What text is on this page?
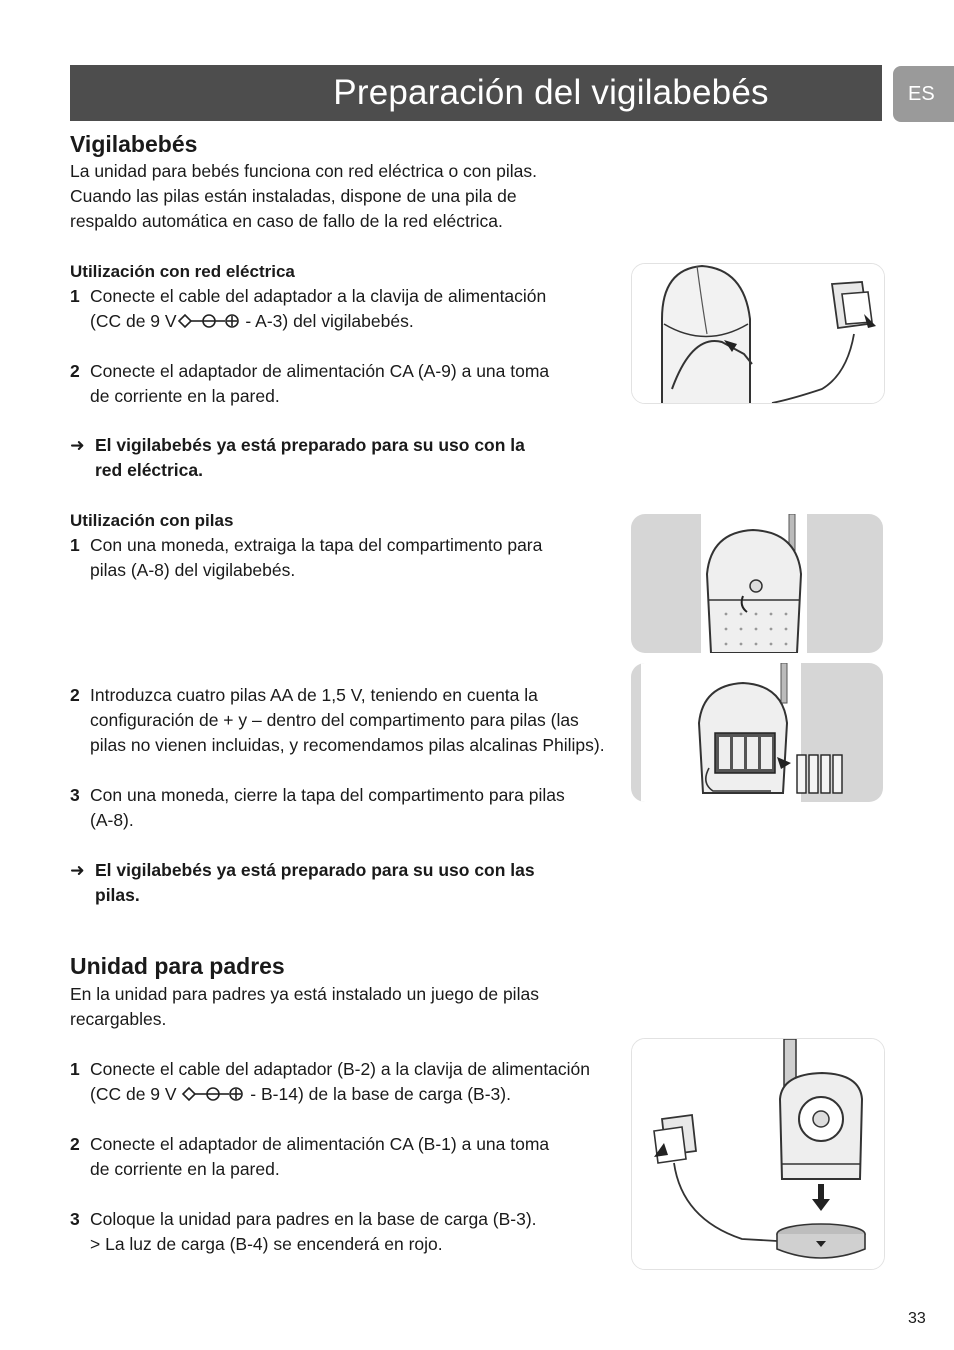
Preparación del vigilabebés	ES
Vigilabebés
La unidad para bebés funciona con red eléctrica o con pilas.
Cuando las pilas están instaladas, dispone de una pila de
respaldo automática en caso de fallo de la red eléctrica.
Utilización con red eléctrica
1 Conecte el cable del adaptador a la clavija de alimentación
(CC de 9 V	- A-3) del vigilabebés.
2 Conecte el adaptador de alimentación CA (A-9) a una toma
de corriente en la pared.
➜ El vigilabebés ya está preparado para su uso con la
red eléctrica.
Utilización con pilas
1 Con una moneda, extraiga la tapa del compartimento para
pilas (A-8) del vigilabebés.
2 Introduzca cuatro pilas AA de 1,5 V, teniendo en cuenta la
configuración de + y – dentro del compartimento para pilas (las
pilas no vienen incluidas, y recomendamos pilas alcalinas Philips).
3 Con una moneda, cierre la tapa del compartimento para pilas
(A-8).
➜ El vigilabebés ya está preparado para su uso con las
pilas.
Unidad para padres
En la unidad para padres ya está instalado un juego de pilas
recargables.
1 Conecte el cable del adaptador (B-2) a la clavija de alimentación
(CC de 9 V	- B-14) de la base de carga (B-3).
2 Conecte el adaptador de alimentación CA (B-1) a una toma
de corriente en la pared.
3 Coloque la unidad para padres en la base de carga (B-3).
> La luz de carga (B-4) se encenderá en rojo.
33
